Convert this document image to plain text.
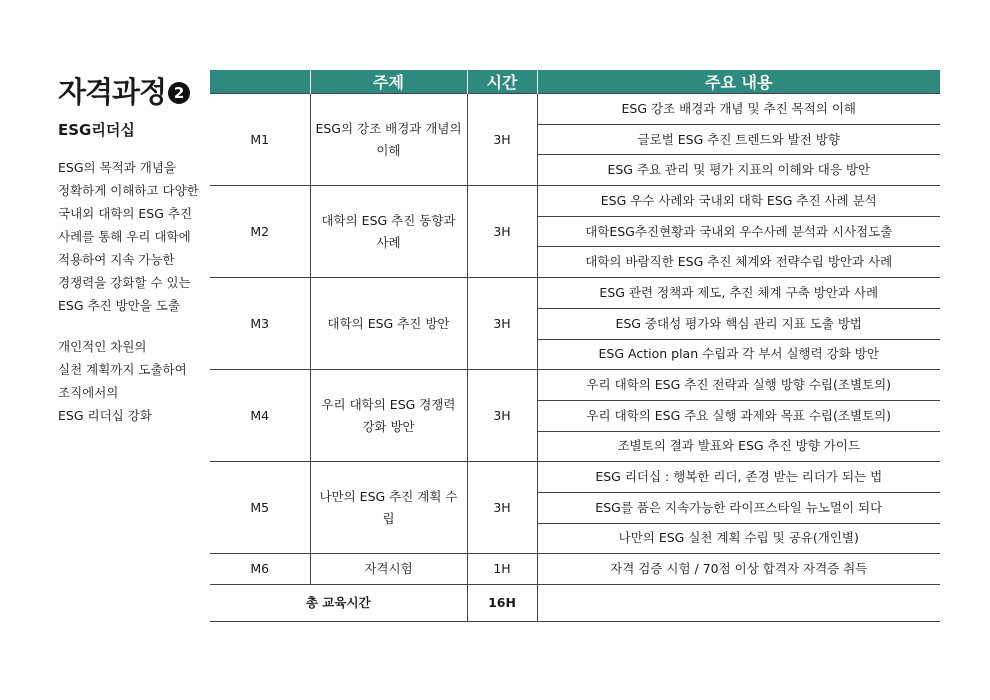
자격과정 2
ESG리더십
ESG의 목적과 개념을
정확하게 이해하고 다양한
국내외 대학의 ESG 추진
사례를 통해 우리 대학에
적용하여 지속 가능한
경쟁력을 강화할 수 있는
ESG 추진 방안을 도출
개인적인 차원의
실천 계획까지 도출하여
조직에서의
ESG 리더십 강화
	주제	시간	주요 내용
M1	ESG의 강조 배경과 개념의 이해	3H	ESG 강조 배경과 개념 및 추진 목적의 이해
			글로벌 ESG 추진 트렌드와 발전 방향
			ESG 주요 관리 및 평가 지표의 이해와 대응 방안
M2	대학의 ESG 추진 동향과 사례	3H	ESG 우수 사례와 국내외 대학 ESG 추진 사례 분석
			대학ESG추진현황과 국내외 우수사례 분석과 시사점도출
			대학의 바람직한 ESG 추진 체계와 전략수립 방안과 사례
M3	대학의 ESG 추진 방안	3H	ESG 관련 정책과 제도, 추진 체계 구축 방안과 사례
			ESG 중대성 평가와 핵심 관리 지표 도출 방법
			ESG Action plan 수립과 각 부서 실행력 강화 방안
M4	우리 대학의 ESG 경쟁력 강화 방안	3H	우리 대학의 ESG 추진 전략과 실행 방향 수립(조별토의)
			우리 대학의 ESG 주요 실행 과제와 목표 수립(조별토의)
			조별토의 결과 발표와 ESG 추진 방향 가이드
M5	나만의 ESG 추진 계획 수립	3H	ESG 리더십 : 행복한 리더, 존경 받는 리더가 되는 법
			ESG를 품은 지속가능한 라이프스타일 뉴노멀이 되다
			나만의 ESG 실천 계획 수립 및 공유(개인별)
M6	자격시험	1H	자격 검증 시험 / 70점 이상 합격자 자격증 취득
총 교육시간		16H	
